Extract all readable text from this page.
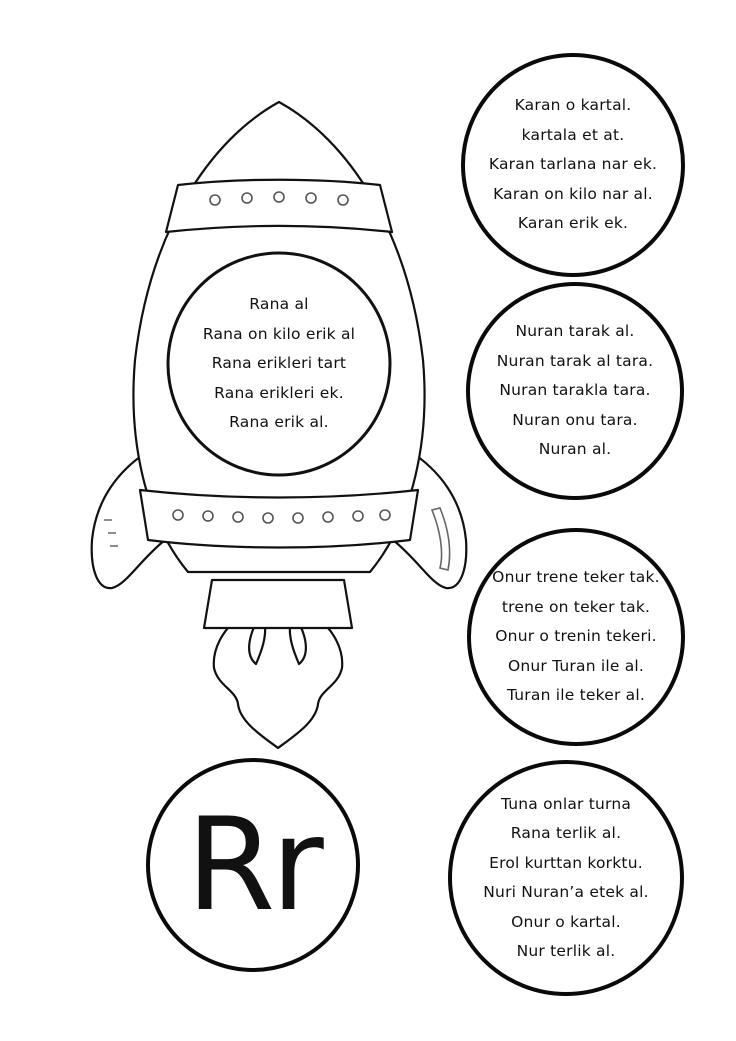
Rana al
Rana on kilo erik al
Rana erikleri tart
Rana erikleri ek.
Rana erik al.
Karan o kartal.
kartala et at.
Karan tarlana nar ek.
Karan on kilo nar al.
Karan erik ek.
Nuran tarak al.
Nuran tarak al tara.
Nuran tarakla tara.
Nuran onu tara.
Nuran al.
Onur trene teker tak.
trene on teker tak.
Onur o trenin tekeri.
Onur Turan ile al.
Turan ile teker al.
Tuna onlar turna
Rana terlik al.
Erol kurttan korktu.
Nuri Nuran’a etek al.
Onur o kartal.
Nur terlik al.
Rr
